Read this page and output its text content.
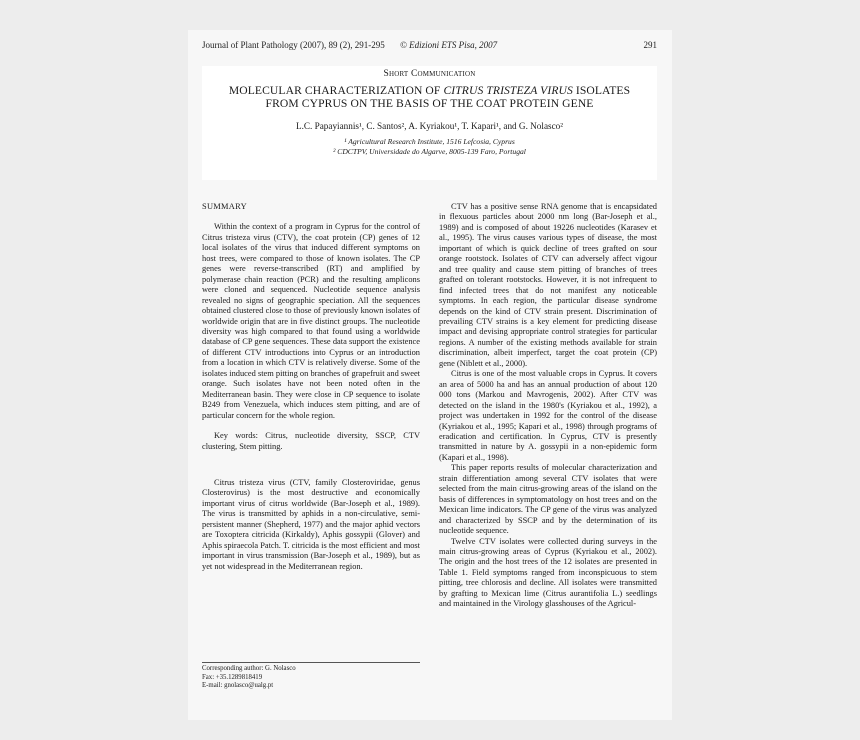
Journal of Plant Pathology (2007), 89 (2), 291-295 © Edizioni ETS Pisa, 2007	291
Short Communication
MOLECULAR CHARACTERIZATION OF CITRUS TRISTEZA VIRUS ISOLATES
FROM CYPRUS ON THE BASIS OF THE COAT PROTEIN GENE
L.C. Papayiannis¹, C. Santos², A. Kyriakou¹, T. Kapari¹, and G. Nolasco²
¹ Agricultural Research Institute, 1516 Lefcosia, Cyprus
² CDCTPV, Universidade do Algarve, 8005-139 Faro, Portugal
SUMMARY

Within the context of a program in Cyprus for the control of Citrus tristeza virus (CTV), the coat protein (CP) genes of 12 local isolates of the virus that induced different symptoms on host trees, were compared to those of known isolates. The CP genes were reverse-transcribed (RT) and amplified by polymerase chain reaction (PCR) and the resulting amplicons were cloned and sequenced. Nucleotide sequence analysis revealed no signs of geographic speciation. All the sequences obtained clustered close to those of previously known isolates of worldwide origin that are in five distinct groups. The nucleotide diversity was high compared to that found using a worldwide database of CP gene sequences. These data support the existence of different CTV introductions into Cyprus or an introduction from a location in which CTV is relatively diverse. Some of the isolates induced stem pitting on branches of grapefruit and sweet orange. Such isolates have not been noted often in the Mediterranean basin. They were close in CP sequence to isolate B249 from Venezuela, which induces stem pitting, and are of particular concern for the whole region.

Key words: Citrus, nucleotide diversity, SSCP, CTV clustering, Stem pitting.

Citrus tristeza virus (CTV, family Closteroviridae, genus Closterovirus) is the most destructive and economically important virus of citrus worldwide (Bar-Joseph et al., 1989). The virus is transmitted by aphids in a non-circulative, semi-persistent manner (Shepherd, 1977) and the major aphid vectors are Toxoptera citricida (Kirkaldy), Aphis gossypii (Glover) and Aphis spiraecola Patch. T. citricida is the most efficient and most important in virus transmission (Bar-Joseph et al., 1989), but as yet not widespread in the Mediterranean region.

Corresponding author: G. Nolasco
Fax: +35.1289818419
E-mail: gnolasco@ualg.pt

CTV has a positive sense RNA genome that is encapsidated in flexuous particles about 2000 nm long (Bar-Joseph et al., 1989) and is composed of about 19226 nucleotides (Karasev et al., 1995). The virus causes various types of disease, the most important of which is quick decline of trees grafted on sour orange rootstock. Isolates of CTV can adversely affect vigour and tree quality and cause stem pitting of branches of trees grafted on tolerant rootstocks. However, it is not infrequent to find infected trees that do not manifest any noticeable symptoms. In each region, the particular disease syndrome depends on the kind of CTV strain present. Discrimination of prevailing CTV strains is a key element for predicting disease impact and devising appropriate control strategies for particular regions. A number of the existing methods available for strain discrimination, albeit imperfect, target the coat protein (CP) gene (Niblett et al., 2000).

Citrus is one of the most valuable crops in Cyprus. It covers an area of 5000 ha and has an annual production of about 120 000 tons (Markou and Mavrogenis, 2002). After CTV was detected on the island in the 1980's (Kyriakou et al., 1992), a project was undertaken in 1992 for the control of the disease (Kyriakou et al., 1995; Kapari et al., 1998) through programs of eradication and certification. In Cyprus, CTV is presently transmitted in nature by A. gossypii in a non-epidemic form (Kapari et al., 1998).

This paper reports results of molecular characterization and strain differentiation among several CTV isolates that were selected from the main citrus-growing areas of the island on the basis of differences in symptomatology on host trees and on the Mexican lime indicators. The CP gene of the virus was analyzed and characterized by SSCP and by the determination of its nucleotide sequence.

Twelve CTV isolates were collected during surveys in the main citrus-growing areas of Cyprus (Kyriakou et al., 2002). The origin and the host trees of the 12 isolates are presented in Table 1. Field symptoms ranged from inconspicuous to stem pitting, tree chlorosis and decline. All isolates were transmitted by grafting to Mexican lime (Citrus aurantifolia L.) seedlings and maintained in the Virology glasshouses of the Agricul-
